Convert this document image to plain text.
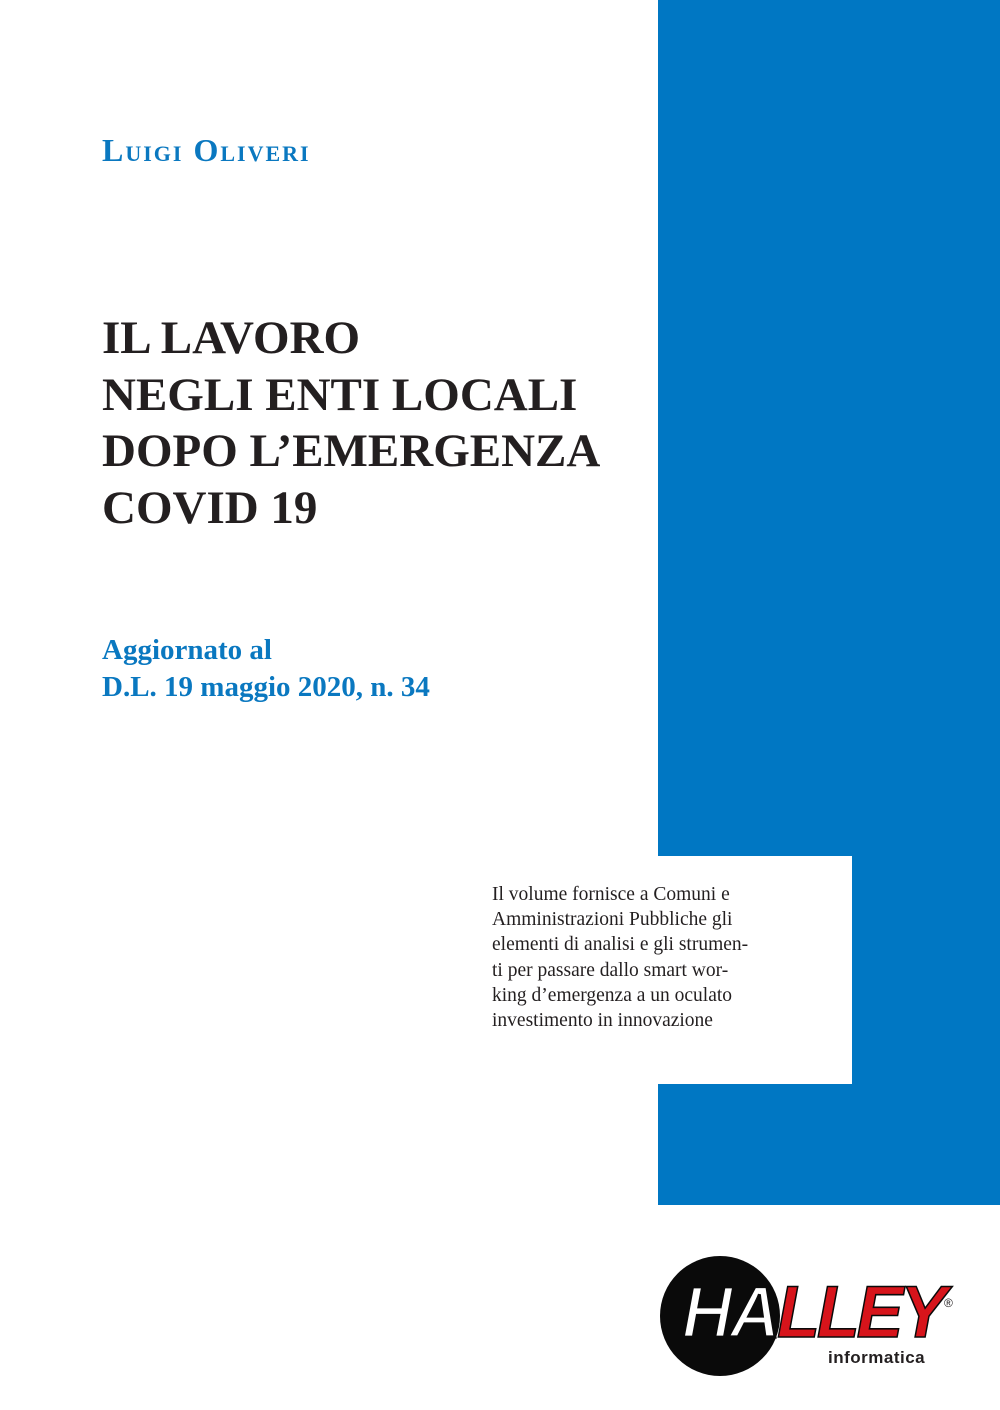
Luigi Oliveri
IL LAVORO
NEGLI ENTI LOCALI
DOPO L’EMERGENZA
COVID 19
Aggiornato al
D.L. 19 maggio 2020, n. 34

Il volume fornisce a Comuni e
Amministrazioni Pubbliche gli
elementi di analisi e gli strumen-
ti per passare dallo smart wor-
king d’emergenza a un oculato
investimento in innovazione

HALLEY ®
informatica
